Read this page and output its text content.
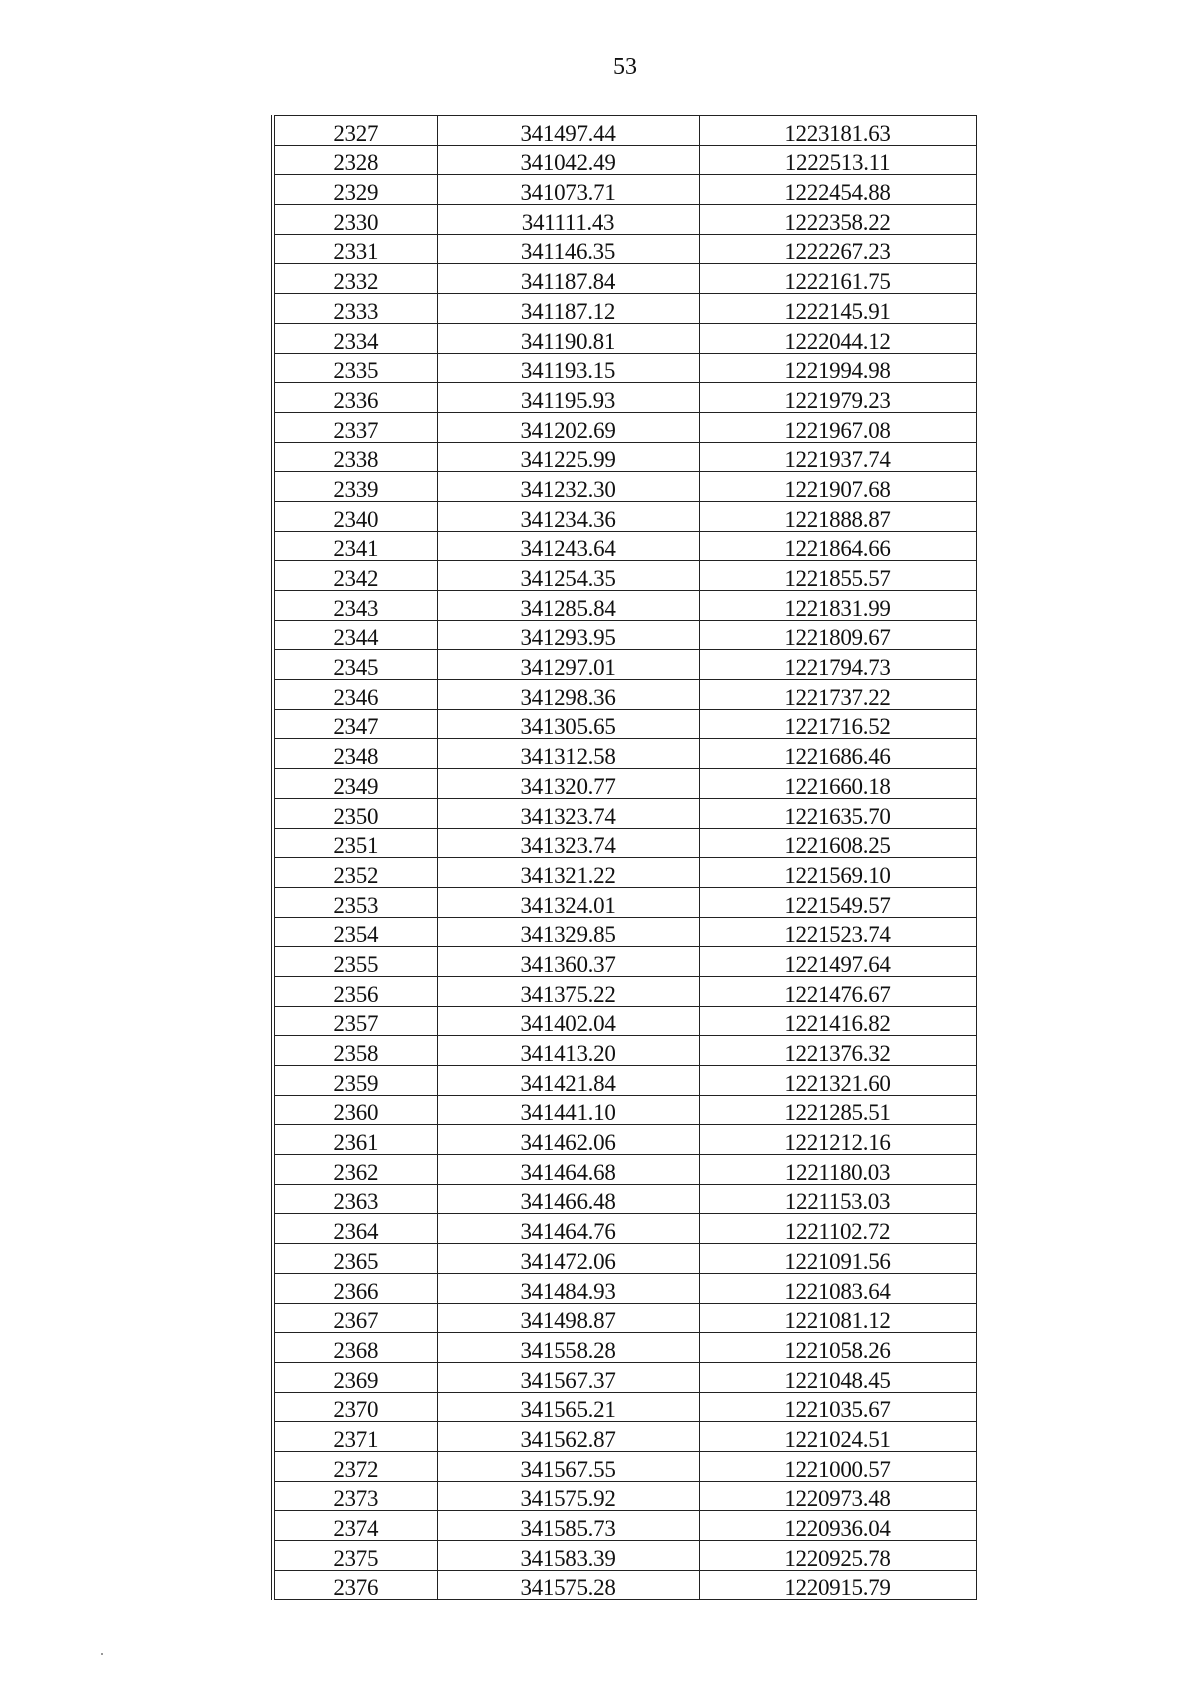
53
2327	341497.44	1223181.63
2328	341042.49	1222513.11
2329	341073.71	1222454.88
2330	341111.43	1222358.22
2331	341146.35	1222267.23
2332	341187.84	1222161.75
2333	341187.12	1222145.91
2334	341190.81	1222044.12
2335	341193.15	1221994.98
2336	341195.93	1221979.23
2337	341202.69	1221967.08
2338	341225.99	1221937.74
2339	341232.30	1221907.68
2340	341234.36	1221888.87
2341	341243.64	1221864.66
2342	341254.35	1221855.57
2343	341285.84	1221831.99
2344	341293.95	1221809.67
2345	341297.01	1221794.73
2346	341298.36	1221737.22
2347	341305.65	1221716.52
2348	341312.58	1221686.46
2349	341320.77	1221660.18
2350	341323.74	1221635.70
2351	341323.74	1221608.25
2352	341321.22	1221569.10
2353	341324.01	1221549.57
2354	341329.85	1221523.74
2355	341360.37	1221497.64
2356	341375.22	1221476.67
2357	341402.04	1221416.82
2358	341413.20	1221376.32
2359	341421.84	1221321.60
2360	341441.10	1221285.51
2361	341462.06	1221212.16
2362	341464.68	1221180.03
2363	341466.48	1221153.03
2364	341464.76	1221102.72
2365	341472.06	1221091.56
2366	341484.93	1221083.64
2367	341498.87	1221081.12
2368	341558.28	1221058.26
2369	341567.37	1221048.45
2370	341565.21	1221035.67
2371	341562.87	1221024.51
2372	341567.55	1221000.57
2373	341575.92	1220973.48
2374	341585.73	1220936.04
2375	341583.39	1220925.78
2376	341575.28	1220915.79
